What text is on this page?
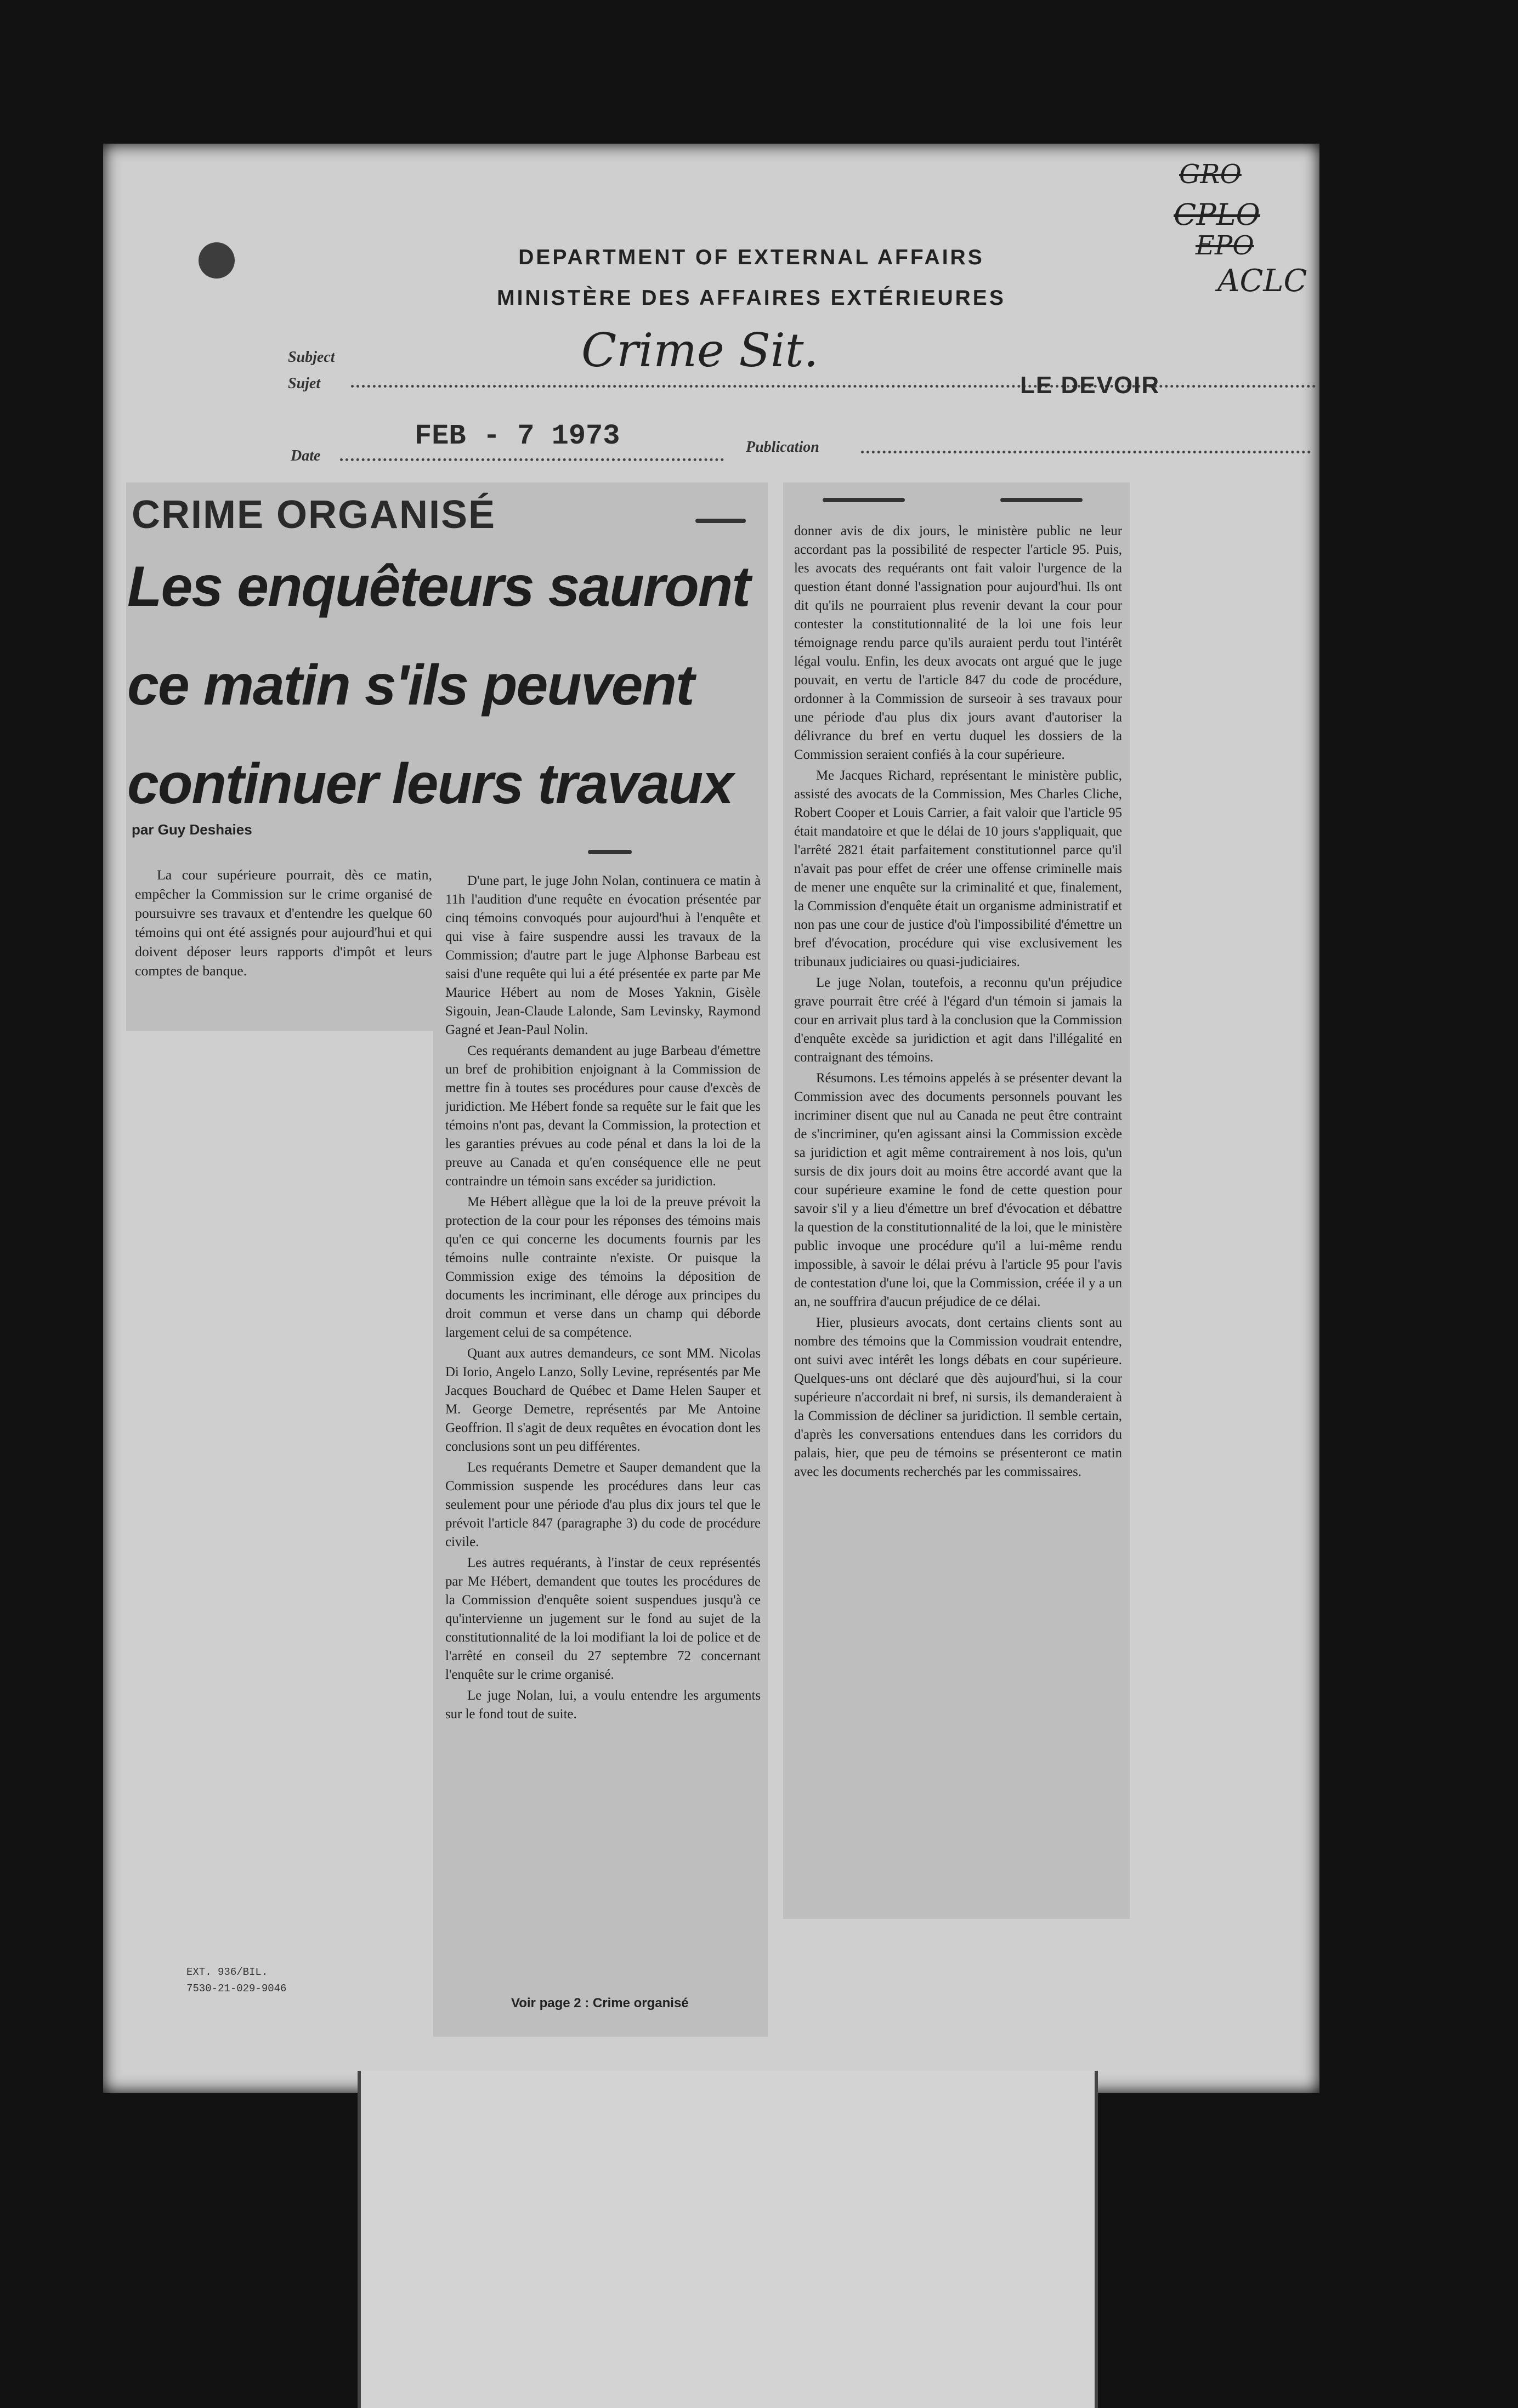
DEPARTMENT OF EXTERNAL AFFAIRS
MINISTÈRE DES AFFAIRES EXTÉRIEURES
GRO
CPLO
EPO
ACLC
Subject
Sujet
Crime Sit.
LE DEVOIR
Date
FEB - 7 1973	Publication
CRIME ORGANISÉ
Les enquêteurs sauront
ce matin s'ils peuvent
continuer leurs travaux
par Guy Deshaies

La cour supérieure pourrait, dès ce matin, empêcher la Commission sur le crime organisé de poursuivre ses travaux et d'entendre les quelque 60 témoins qui ont été assignés pour aujourd'hui et qui doivent déposer leurs rapports d'impôt et leurs comptes de banque.

D'une part, le juge John Nolan, continuera ce matin à 11h l'audition d'une requête en évocation présentée par cinq témoins convoqués pour aujourd'hui à l'enquête et qui vise à faire suspendre aussi les travaux de la Commission; d'autre part le juge Alphonse Barbeau est saisi d'une requête qui lui a été présentée ex parte par Me Maurice Hébert au nom de Moses Yaknin, Gisèle Sigouin, Jean-Claude Lalonde, Sam Levinsky, Raymond Gagné et Jean-Paul Nolin.

Ces requérants demandent au juge Barbeau d'émettre un bref de prohibition enjoignant à la Commission de mettre fin à toutes ses procédures pour cause d'excès de juridiction. Me Hébert fonde sa requête sur le fait que les témoins n'ont pas, devant la Commission, la protection et les garanties prévues au code pénal et dans la loi de la preuve au Canada et qu'en conséquence elle ne peut contraindre un témoin sans excéder sa juridiction.

Me Hébert allègue que la loi de la preuve prévoit la protection de la cour pour les réponses des témoins mais qu'en ce qui concerne les documents fournis par les témoins nulle contrainte n'existe. Or puisque la Commission exige des témoins la déposition de documents les incriminant, elle déroge aux principes du droit commun et verse dans un champ qui déborde largement celui de sa compétence.

Quant aux autres demandeurs, ce sont MM. Nicolas Di Iorio, Angelo Lanzo, Solly Levine, représentés par Me Jacques Bouchard de Québec et Dame Helen Sauper et M. George Demetre, représentés par Me Antoine Geoffrion. Il s'agit de deux requêtes en évocation dont les conclusions sont un peu différentes.

Les requérants Demetre et Sauper demandent que la Commission suspende les procédures dans leur cas seulement pour une période d'au plus dix jours tel que le prévoit l'article 847 (paragraphe 3) du code de procédure civile.

Les autres requérants, à l'instar de ceux représentés par Me Hébert, demandent que toutes les procédures de la Commission d'enquête soient suspendues jusqu'à ce qu'intervienne un jugement sur le fond au sujet de la constitutionnalité de la loi modifiant la loi de police et de l'arrêté en conseil du 27 septembre 72 concernant l'enquête sur le crime organisé.

Le juge Nolan, lui, a voulu entendre les arguments sur le fond tout de suite.

Voir page 2 : Crime organisé

donner avis de dix jours, le ministère public ne leur accordant pas la possibilité de respecter l'article 95. Puis, les avocats des requérants ont fait valoir l'urgence de la question étant donné l'assignation pour aujourd'hui. Ils ont dit qu'ils ne pourraient plus revenir devant la cour pour contester la constitutionnalité de la loi une fois leur témoignage rendu parce qu'ils auraient perdu tout l'intérêt légal voulu. Enfin, les deux avocats ont argué que le juge pouvait, en vertu de l'article 847 du code de procédure, ordonner à la Commission de surseoir à ses travaux pour une période d'au plus dix jours avant d'autoriser la délivrance du bref en vertu duquel les dossiers de la Commission seraient confiés à la cour supérieure.

Me Jacques Richard, représentant le ministère public, assisté des avocats de la Commission, Mes Charles Cliche, Robert Cooper et Louis Carrier, a fait valoir que l'article 95 était mandatoire et que le délai de 10 jours s'appliquait, que l'arrêté 2821 était parfaitement constitutionnel parce qu'il n'avait pas pour effet de créer une offense criminelle mais de mener une enquête sur la criminalité et que, finalement, la Commission d'enquête était un organisme administratif et non pas une cour de justice d'où l'impossibilité d'émettre un bref d'évocation, procédure qui vise exclusivement les tribunaux judiciaires ou quasi-judiciaires.

Le juge Nolan, toutefois, a reconnu qu'un préjudice grave pourrait être créé à l'égard d'un témoin si jamais la cour en arrivait plus tard à la conclusion que la Commission d'enquête excède sa juridiction et agit dans l'illégalité en contraignant des témoins.

Résumons. Les témoins appelés à se présenter devant la Commission avec des documents personnels pouvant les incriminer disent que nul au Canada ne peut être contraint de s'incriminer, qu'en agissant ainsi la Commission excède sa juridiction et agit même contrairement à nos lois, qu'un sursis de dix jours doit au moins être accordé avant que la cour supérieure examine le fond de cette question pour savoir s'il y a lieu d'émettre un bref d'évocation et débattre la question de la constitutionnalité de la loi, que le ministère public invoque une procédure qu'il a lui-même rendu impossible, à savoir le délai prévu à l'article 95 pour l'avis de contestation d'une loi, que la Commission, créée il y a un an, ne souffrira d'aucun préjudice de ce délai.

Hier, plusieurs avocats, dont certains clients sont au nombre des témoins que la Commission voudrait entendre, ont suivi avec intérêt les longs débats en cour supérieure. Quelques-uns ont déclaré que dès aujourd'hui, si la cour supérieure n'accordait ni bref, ni sursis, ils demanderaient à la Commission de décliner sa juridiction. Il semble certain, d'après les conversations entendues dans les corridors du palais, hier, que peu de témoins se présenteront ce matin avec les documents recherchés par les commissaires.

EXT. 936/BIL.
7530-21-029-9046
